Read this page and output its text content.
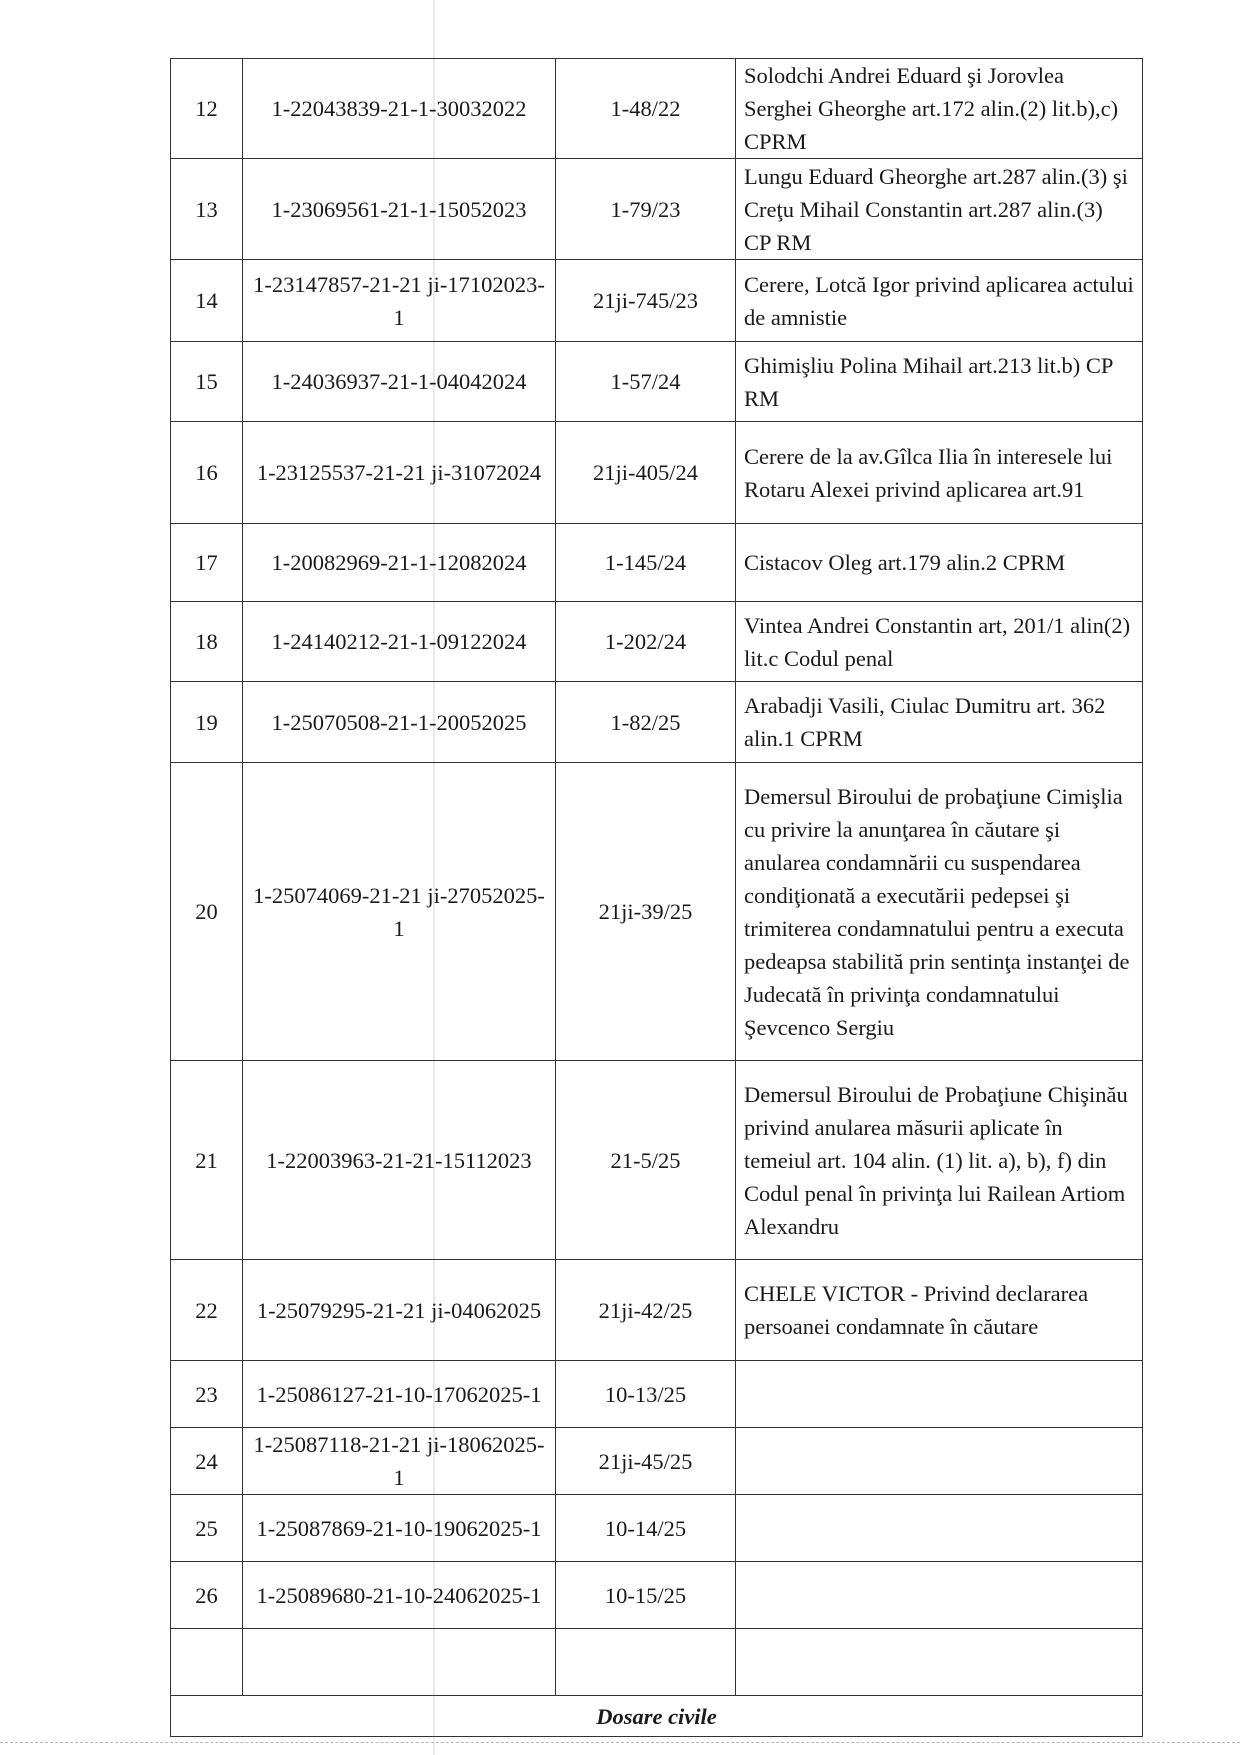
12	1-22043839-21-1-30032022	1-48/22	Solodchi Andrei Eduard şi Jorovlea Serghei Gheorghe art.172 alin.(2) lit.b),c) CPRM
13	1-23069561-21-1-15052023	1-79/23	Lungu Eduard Gheorghe art.287 alin.(3) şi Creţu Mihail Constantin art.287 alin.(3) CP RM
14	1-23147857-21-21 ji-17102023-1	21ji-745/23	Cerere, Lotcă Igor privind aplicarea actului de amnistie
15	1-24036937-21-1-04042024	1-57/24	Ghimişliu Polina Mihail art.213 lit.b) CP RM
16	1-23125537-21-21 ji-31072024	21ji-405/24	Cerere de la av.Gîlca Ilia în interesele lui Rotaru Alexei privind aplicarea art.91
17	1-20082969-21-1-12082024	1-145/24	Cistacov Oleg art.179 alin.2 CPRM
18	1-24140212-21-1-09122024	1-202/24	Vintea Andrei Constantin art, 201/1 alin(2) lit.c Codul penal
19	1-25070508-21-1-20052025	1-82/25	Arabadji Vasili, Ciulac Dumitru art. 362 alin.1 CPRM
20	1-25074069-21-21 ji-27052025-1	21ji-39/25	Demersul Biroului de probaţiune Cimişlia cu privire la anunţarea în căutare şi anularea condamnării cu suspendarea condiţionată a executării pedepsei şi trimiterea condamnatului pentru a executa pedeapsa stabilită prin sentinţa instanţei de Judecată în privinţa condamnatului Şevcenco Sergiu
21	1-22003963-21-21-15112023	21-5/25	Demersul Biroului de Probaţiune Chişinău privind anularea măsurii aplicate în temeiul art. 104 alin. (1) lit. a), b), f) din Codul penal în privinţa lui Railean Artiom Alexandru
22	1-25079295-21-21 ji-04062025	21ji-42/25	CHELE VICTOR - Privind declararea persoanei condamnate în căutare
23	1-25086127-21-10-17062025-1	10-13/25	
24	1-25087118-21-21 ji-18062025-1	21ji-45/25	
25	1-25087869-21-10-19062025-1	10-14/25	
26	1-25089680-21-10-24062025-1	10-15/25	

Dosare civile			
